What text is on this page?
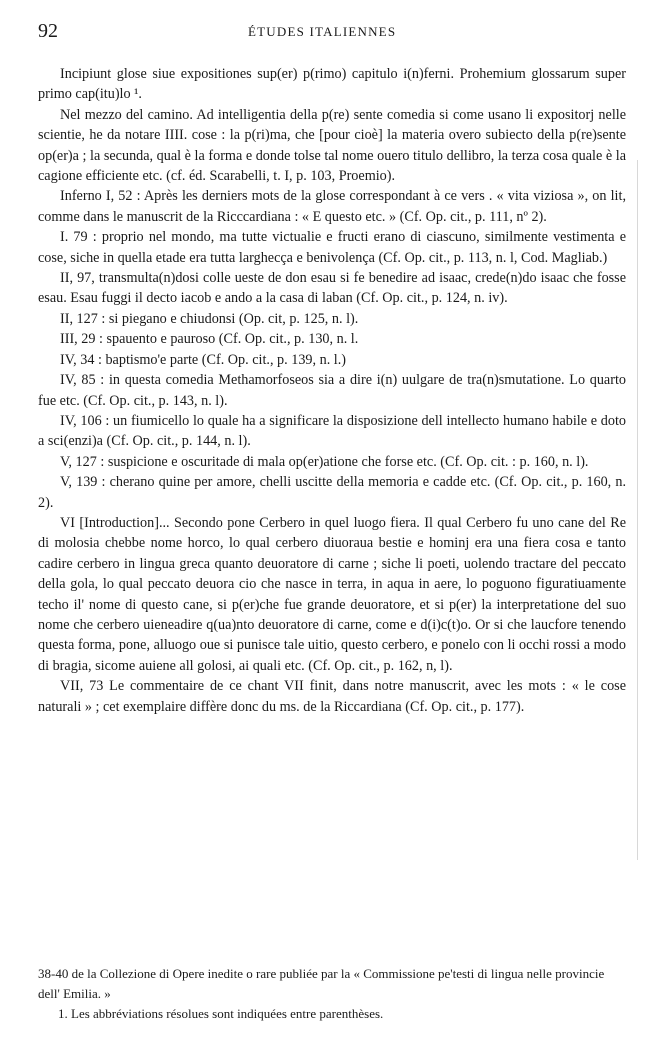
92	ÉTUDES ITALIENNES

Incipiunt glose siue expositiones sup(er) p(rimo) capitulo i(n)ferni. Prohemium glossarum super primo cap(itu)lo ¹.

Nel mezzo del camino. Ad intelligentia della p(re) sente comedia si come usano li expositorj nelle scientie, he da notare IIII. cose : la p(ri)ma, che [pour cioè] la materia overo subiecto della p(re)sente op(er)a ; la secunda, qual è la forma e donde tolse tal nome ouero titulo dellibro, la terza cosa quale è la cagione efficiente etc. (cf. éd. Scarabelli, t. I, p. 103, Proemio).

Inferno I, 52 : Après les derniers mots de la glose correspondant à ce vers . « vita viziosa », on lit, comme dans le manuscrit de la Ricccardiana : « E questo etc. » (Cf. Op. cit., p. 111, nº 2).

I. 79 : proprio nel mondo, ma tutte victualie e fructi erano di ciascuno, similmente vestimenta e cose, siche in quella etade era tutta larghecça e benivolença (Cf. Op. cit., p. 113, n. l, Cod. Magliab.)

II, 97, transmulta(n)dosi colle ueste de don esau si fe benedire ad isaac, crede(n)do isaac che fosse esau. Esau fuggi il decto iacob e ando a la casa di laban (Cf. Op. cit., p. 124, n. iv).

II, 127 : si piegano e chiudonsi (Op. cit, p. 125, n. l).

III, 29 : spauento e pauroso (Cf. Op. cit., p. 130, n. l.

IV, 34 : baptismo'e parte (Cf. Op. cit., p. 139, n. l.)

IV, 85 : in questa comedia Methamorfoseos sia a dire i(n) uulgare de tra(n)smutatione. Lo quarto fue etc. (Cf. Op. cit., p. 143, n. l).

IV, 106 : un fiumicello lo quale ha a significare la disposizione dell intellecto humano habile e doto a sci(enzi)a (Cf. Op. cit., p. 144, n. l).

V, 127 : suspicione e oscuritade di mala op(er)atione che forse etc. (Cf. Op. cit. : p. 160, n. l).

V, 139 : cherano quine per amore, chelli uscitte della memoria e cadde etc. (Cf. Op. cit., p. 160, n. 2).

VI [Introduction]... Secondo pone Cerbero in quel luogo fiera. Il qual Cerbero fu uno cane del Re di molosia chebbe nome horco, lo qual cerbero diuoraua bestie e hominj era una fiera cosa e tanto cadire cerbero in lingua greca quanto deuoratore di carne ; siche li poeti, uolendo tractare del peccato della gola, lo qual peccato deuora cio che nasce in terra, in aqua in aere, lo poguono figuratiuamente techo il' nome di questo cane, si p(er)che fue grande deuoratore, et si p(er) la interpretatione del suo nome che cerbero uieneadire q(ua)nto deuoratore di carne, come e d(i)c(t)o. Or si che laucfore tenendo questa forma, pone, alluogo oue si punisce tale uitio, questo cerbero, e ponelo con li occhi rossi a modo di bragia, sicome auiene all golosi, ai quali etc. (Cf. Op. cit., p. 162, n, l).

VII, 73 Le commentaire de ce chant VII finit, dans notre manuscrit, avec les mots : « le cose naturali » ; cet exemplaire diffère donc du ms. de la Riccardiana (Cf. Op. cit., p. 177).

38-40 de la Collezione di Opere inedite o rare publiée par la « Commissione pe'testi di lingua nelle provincie dell' Emilia. »

1. Les abbréviations résolues sont indiquées entre parenthèses.
